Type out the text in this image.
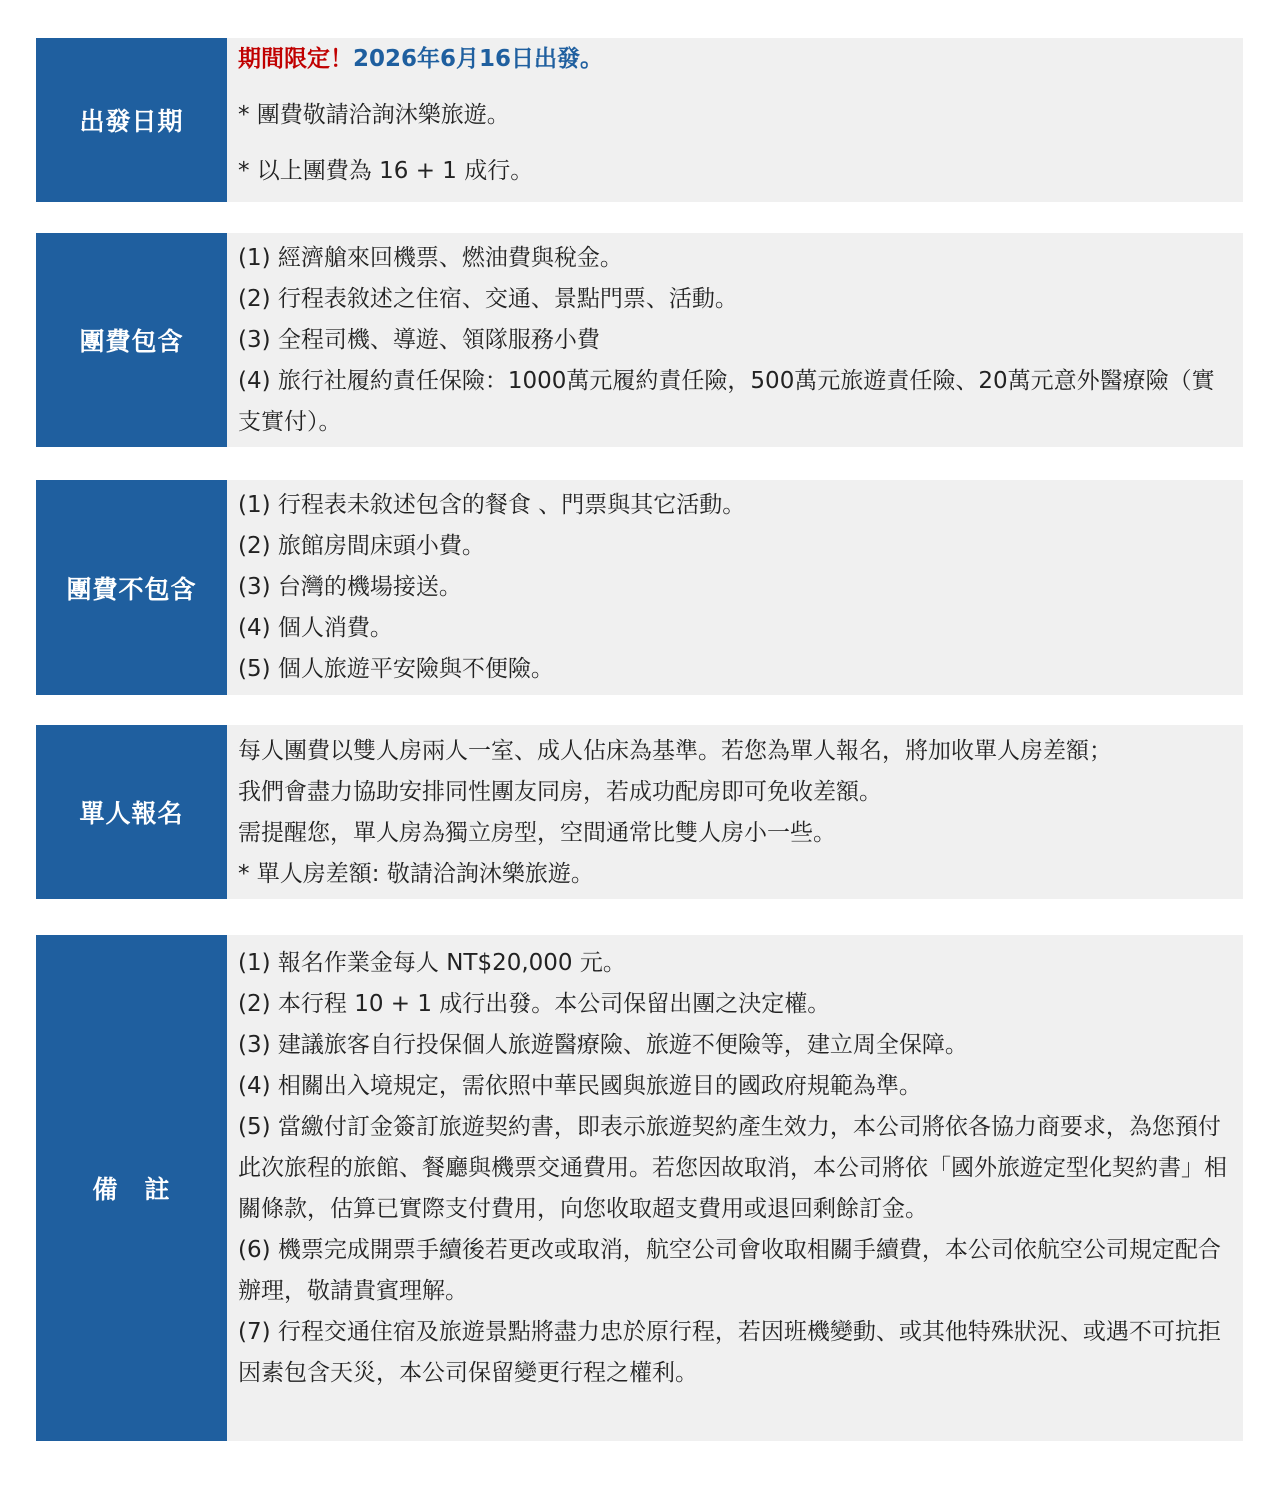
出發日期

期間限定！2026年6月16日出發。

* 團費敬請洽詢沐樂旅遊。

* 以上團費為 16 + 1 成行。

團費包含

(1) 經濟艙來回機票、燃油費與稅金。

(2) 行程表敘述之住宿、交通、景點門票、活動。

(3) 全程司機、導遊、領隊服務小費

(4) 旅行社履約責任保險：1000萬元履約責任險，500萬元旅遊責任險、20萬元意外醫療險（實支實付）。

團費不包含

(1) 行程表未敘述包含的餐食 、門票與其它活動。

(2) 旅館房間床頭小費。

(3) 台灣的機場接送。

(4) 個人消費。

(5) 個人旅遊平安險與不便險。

單人報名

每人團費以雙人房兩人一室、成人佔床為基準。若您為單人報名，將加收單人房差額；

我們會盡力協助安排同性團友同房，若成功配房即可免收差額。

需提醒您，單人房為獨立房型，空間通常比雙人房小一些。

* 單人房差額: 敬請洽詢沐樂旅遊。

備　註

(1) 報名作業金每人 NT$20,000 元。

(2) 本行程 10 + 1 成行出發。本公司保留出團之決定權。

(3) 建議旅客自行投保個人旅遊醫療險、旅遊不便險等，建立周全保障。

(4) 相關出入境規定，需依照中華民國與旅遊目的國政府規範為準。

(5) 當繳付訂金簽訂旅遊契約書，即表示旅遊契約產生效力，本公司將依各協力商要求，為您預付此次旅程的旅館、餐廳與機票交通費用。若您因故取消，本公司將依「國外旅遊定型化契約書」相關條款，估算已實際支付費用，向您收取超支費用或退回剩餘訂金。

(6) 機票完成開票手續後若更改或取消，航空公司會收取相關手續費，本公司依航空公司規定配合辦理，敬請貴賓理解。

(7) 行程交通住宿及旅遊景點將盡力忠於原行程，若因班機變動、或其他特殊狀況、或遇不可抗拒因素包含天災，本公司保留變更行程之權利。
